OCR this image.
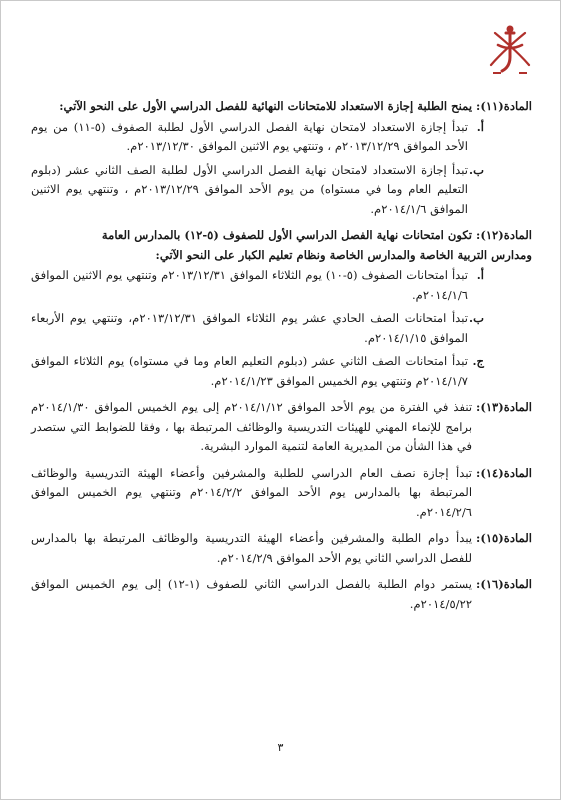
المادة(١١):
يمنح الطلبة إجازة الاستعداد للامتحانات النهائية للفصل الدراسي الأول على النحو الآتي:
أ.
تبدأ إجازة الاستعداد لامتحان نهاية الفصل الدراسي الأول لطلبة الصفوف (٥-١١) من يوم الأحد الموافق ٢٠١٣/١٢/٢٩م ، وتنتهي يوم الاثنين الموافق ٢٠١٣/١٢/٣٠م.
ب.
تبدأ إجازة الاستعداد لامتحان نهاية الفصل الدراسي الأول لطلبة الصف الثاني عشر (دبلوم التعليم العام وما في مستواه) من يوم الأحد الموافق ٢٠١٣/١٢/٢٩م ، وتنتهي يوم الاثنين الموافق ٢٠١٤/١/٦م.
المادة(١٢):
تكون امتحانات نهاية الفصل الدراسي الأول للصفوف (٥-١٢) بالمدارس العامة
ومدارس التربية الخاصة والمدارس الخاصة ونظام تعليم الكبار على النحو الآتي:
أ.
تبدأ امتحانات الصفوف (٥-١٠) يوم الثلاثاء الموافق ٢٠١٣/١٢/٣١م وتنتهي يوم الاثنين الموافق ٢٠١٤/١/٦م.
ب.
تبدأ امتحانات الصف الحادي عشر يوم الثلاثاء الموافق ٢٠١٣/١٢/٣١م، وتنتهي يوم الأربعاء الموافق ٢٠١٤/١/١٥م.
ج.
تبدأ امتحانات الصف الثاني عشر (دبلوم التعليم العام وما في مستواه) يوم الثلاثاء الموافق ٢٠١٤/١/٧م وتنتهي يوم الخميس الموافق ٢٠١٤/١/٢٣م.
المادة(١٣):
تنفذ في الفترة من يوم الأحد الموافق ٢٠١٤/١/١٢م إلى يوم الخميس الموافق ٢٠١٤/١/٣٠م برامج للإنماء المهني للهيئات التدريسية والوظائف المرتبطة بها ، وفقا للضوابط التي ستصدر في هذا الشأن من المديرية العامة لتنمية الموارد البشرية.
المادة(١٤):
تبدأ إجازة نصف العام الدراسي للطلبة والمشرفين وأعضاء الهيئة التدريسية والوظائف المرتبطة بها بالمدارس يوم الأحد الموافق ٢٠١٤/٢/٢م وتنتهي يوم الخميس الموافق ٢٠١٤/٢/٦م.
المادة(١٥):
يبدأ دوام الطلبة والمشرفين وأعضاء الهيئة التدريسية والوظائف المرتبطة بها بالمدارس للفصل الدراسي الثاني يوم الأحد الموافق ٢٠١٤/٢/٩م.
المادة(١٦):
يستمر دوام الطلبة بالفصل الدراسي الثاني للصفوف (١-١٢) إلى يوم الخميس الموافق ٢٠١٤/٥/٢٢م.
٣
